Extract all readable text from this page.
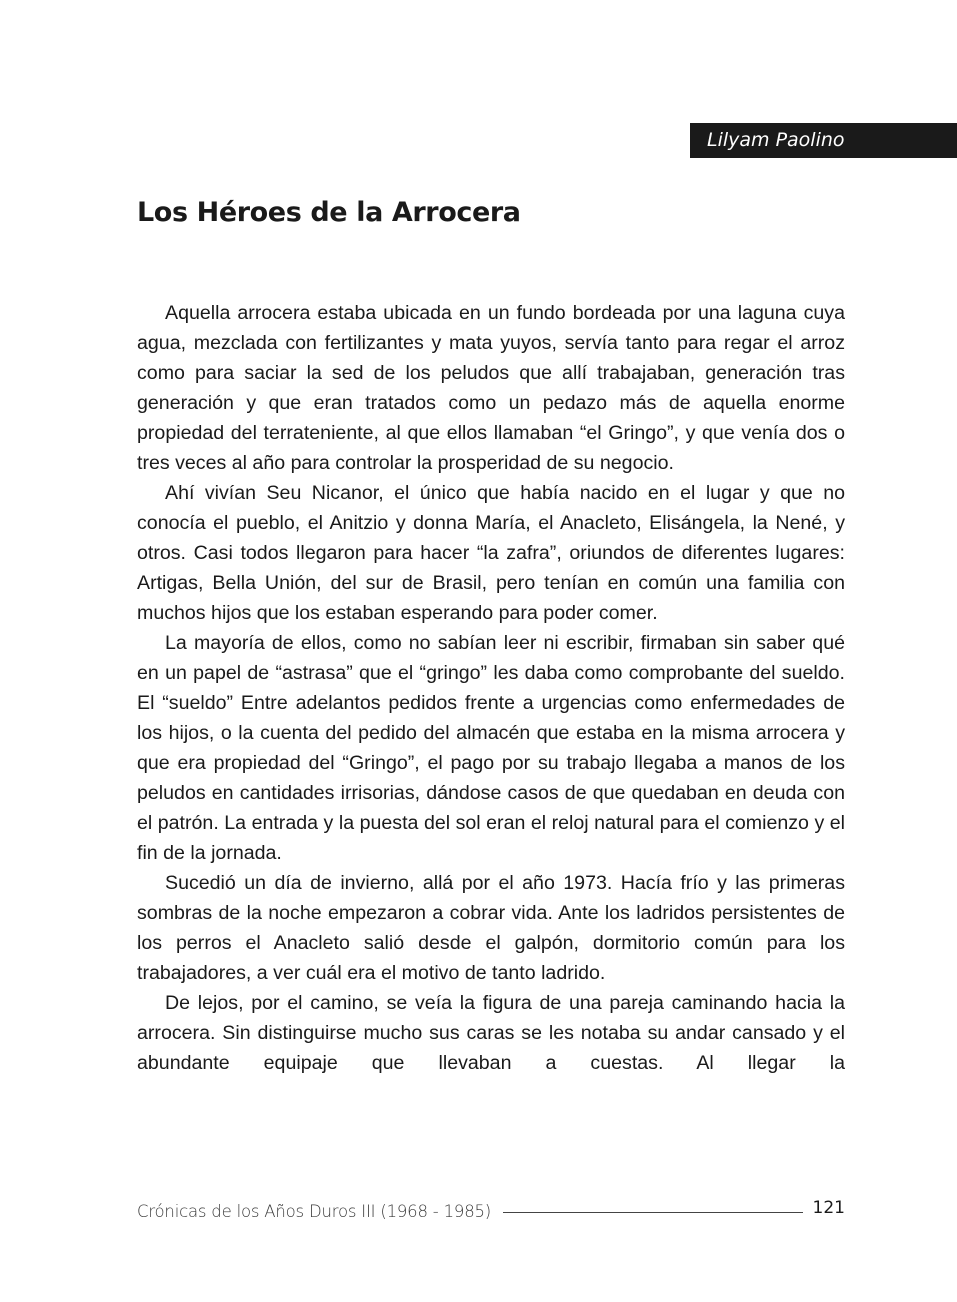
Lilyam Paolino
Los Héroes de la Arrocera

Aquella arrocera estaba ubicada en un fundo bordeada por una laguna cuya agua, mezclada con fertilizantes y mata yuyos, servía tanto para regar el arroz como para saciar la sed de los peludos que allí trabajaban, generación tras generación y que eran tratados como un pedazo más de aquella enorme propiedad del terrateniente, al que ellos llamaban “el Gringo”, y que venía dos o tres veces al año para controlar la prosperidad de su negocio.

Ahí vivían Seu Nicanor, el único que había nacido en el lugar y que no conocía el pueblo, el Anitzio y donna María, el Anacleto, Elisángela, la Nené, y otros. Casi todos llegaron para hacer “la zafra”, oriundos de diferentes lugares: Artigas, Bella Unión, del sur de Brasil, pero tenían en común una familia con muchos hijos que los estaban esperando para poder comer.

La mayoría de ellos, como no sabían leer ni escribir, firmaban sin saber qué en un papel de “astrasa” que el “gringo” les daba como comprobante del sueldo. El “sueldo” Entre adelantos pedidos frente a urgencias como enfermedades de los hijos, o la cuenta del pedido del almacén que estaba en la misma arrocera y que era propiedad del “Gringo”, el pago por su trabajo llegaba a manos de los peludos en cantidades irrisorias, dándose casos de que quedaban en deuda con el patrón. La entrada y la puesta del sol eran el reloj natural para el comienzo y el fin de la jornada.

Sucedió un día de invierno, allá por el año 1973. Hacía frío y las primeras sombras de la noche empezaron a cobrar vida. Ante los ladridos persistentes de los perros el Anacleto salió desde el galpón, dormitorio común para los trabajadores, a ver cuál era el motivo de tanto ladrido.

De lejos, por el camino, se veía la figura de una pareja caminando hacia la arrocera. Sin distinguirse mucho sus caras se les notaba su andar cansado y el abundante equipaje que llevaban a cuestas. Al llegar la

Crónicas de los Años Duros III (1968 - 1985)	121
